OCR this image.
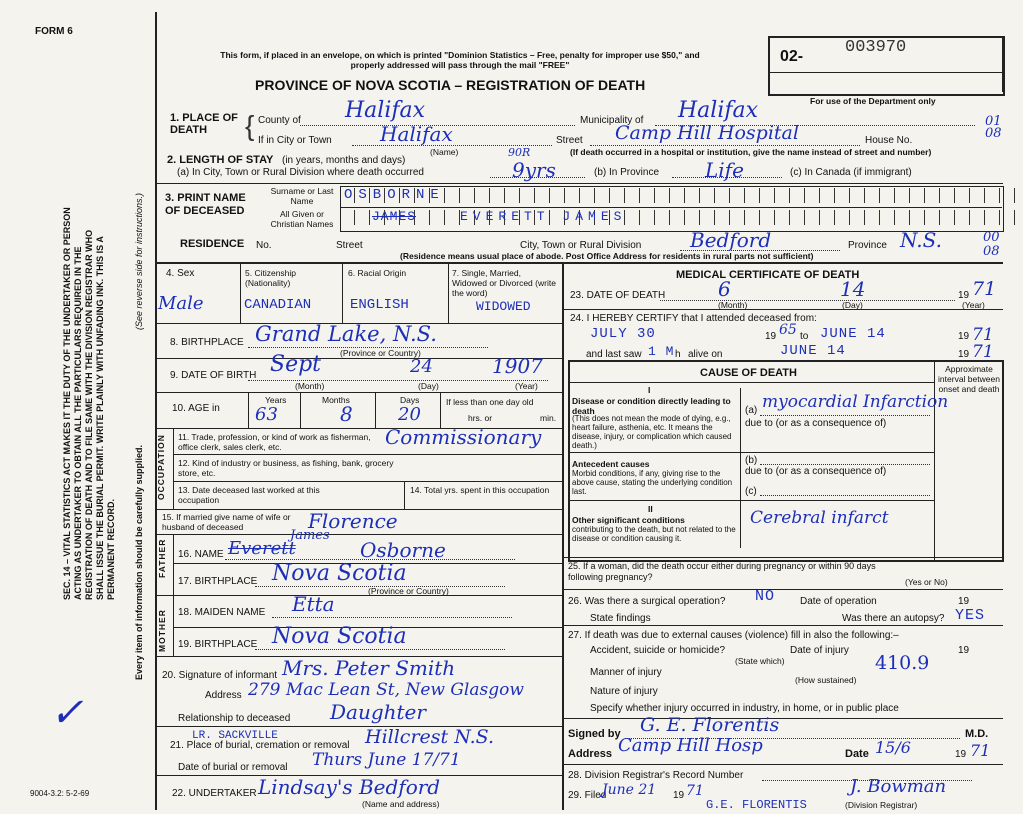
FORM 6
This form, if placed in an envelope, on which is printed "Dominion Statistics – Free, penalty for improper use $50," and properly addressed will pass through the mail "FREE"
PROVINCE OF NOVA SCOTIA – REGISTRATION OF DEATH
02- 003970
For use of the Department only
01
08
00
08
SEC. 14 – VITAL STATISTICS ACT MAKES IT THE DUTY OF THE UNDERTAKER OR PERSON ACTING AS UNDERTAKER TO OBTAIN ALL THE PARTICULARS REQUIRED IN THE REGISTRATION OF DEATH AND TO FILE SAME WITH THE DIVISION REGISTRAR WHO SHALL ISSUE THE BURIAL PERMIT. WRITE PLAINLY WITH UNFADING INK. THIS IS A PERMANENT RECORD.
(See reverse side for instructions.)
Every item of information should be carefully supplied.
✓
9004-3.2: 5-2-69
1. PLACE OF DEATH
County of Halifax	Municipality of Halifax
If in City or Town Halifax
(Name)
Street Camp Hill Hospital	House No.
(If death occurred in a hospital or institution, give the name instead of street and number)
{
2. LENGTH OF STAY (in years, months and days)
(a) In City, Town or Rural Division where death occurred	9yrs
90R
(b) In Province Life	(c) In Canada (if immigrant)
3. PRINT NAME OF DECEASED
Surname or Last Name
All Given or Christian Names
OSBORNE
JAMES	EVERETT JAMES
RESIDENCE No.	Street	City, Town or Rural Division Bedford	Province N.S.
(Residence means usual place of abode. Post Office Address for residents in rural parts not sufficient)
4. Sex
Male
5. Citizenship (Nationality)
CANADIAN
6. Racial Origin
ENGLISH
7. Single, Married, Widowed or Divorced (write the word)
WIDOWED
8. BIRTHPLACE Grand Lake, N.S.
(Province or Country)
9. DATE OF BIRTH Sept	24	1907
(Month)	(Day)	(Year)
10. AGE in
Years	Months	Days
63	8	20
If less than one day old
hrs. or	min.
OCCUPATION 11. Trade, profession, or kind of work as fisherman, office clerk, sales clerk, etc.	Commissionary
12. Kind of industry or business, as fishing, bank, grocery store, etc.
13. Date deceased last worked at this occupation
14. Total yrs. spent in this occupation
15. If married give name of wife or husband of deceased	Florence
FATHER 16. NAME Everett
James
Osborne
17. BIRTHPLACE Nova Scotia
(Province or Country)
MOTHER 18. MAIDEN NAME Etta
19. BIRTHPLACE Nova Scotia
20. Signature of informant Mrs. Peter Smith
Address 279 Mac Lean St, New Glasgow
Relationship to deceased Daughter
LR. SACKVILLE
21. Place of burial, cremation or removal Hillcrest N.S.
Date of burial or removal Thurs June 17/71
22. UNDERTAKER Lindsay's Bedford
(Name and address)
MEDICAL CERTIFICATE OF DEATH
23. DATE OF DEATH	6	14	19 71
(Month)	(Day)	(Year)
24. I HEREBY CERTIFY that I attended deceased from:
JULY 30	19 65 to JUNE 14	19 71
and last saw 1 M h alive on	JUNE 14	19 71
CAUSE OF DEATH	Approximate interval between onset and death
I
Disease or condition directly leading to death
(This does not mean the mode of dying, e.g., heart failure, asthenia, etc. It means the disease, injury, or complication which caused death.)
(a) myocardial Infarction
due to (or as a consequence of)
Antecedent causes
Morbid conditions, if any, giving rise to the above cause, stating the underlying condition last.
(b)
due to (or as a consequence of)
(c)
II
Other significant conditions
contributing to the death, but not related to the disease or condition causing it.
Cerebral infarct
25. If a woman, did the death occur either during pregnancy or within 90 days following pregnancy?	(Yes or No)
26. Was there a surgical operation? NO Date of operation	19
State findings	Was there an autopsy? YES
27. If death was due to external causes (violence) fill in also the following:–
Accident, suicide or homicide?	Date of injury	19
(State which)
Manner of injury	410.9
(How sustained)
Nature of injury
Specify whether injury occurred in industry, in home, or in public place
Signed by G. E. Florentis	M.D.
Address Camp Hill Hosp	Date 15/6	19 71
28. Division Registrar's Record Number
29. Filed
June 21 19 71
G.E. FLORENTIS
J. Bowman
(Division Registrar)
